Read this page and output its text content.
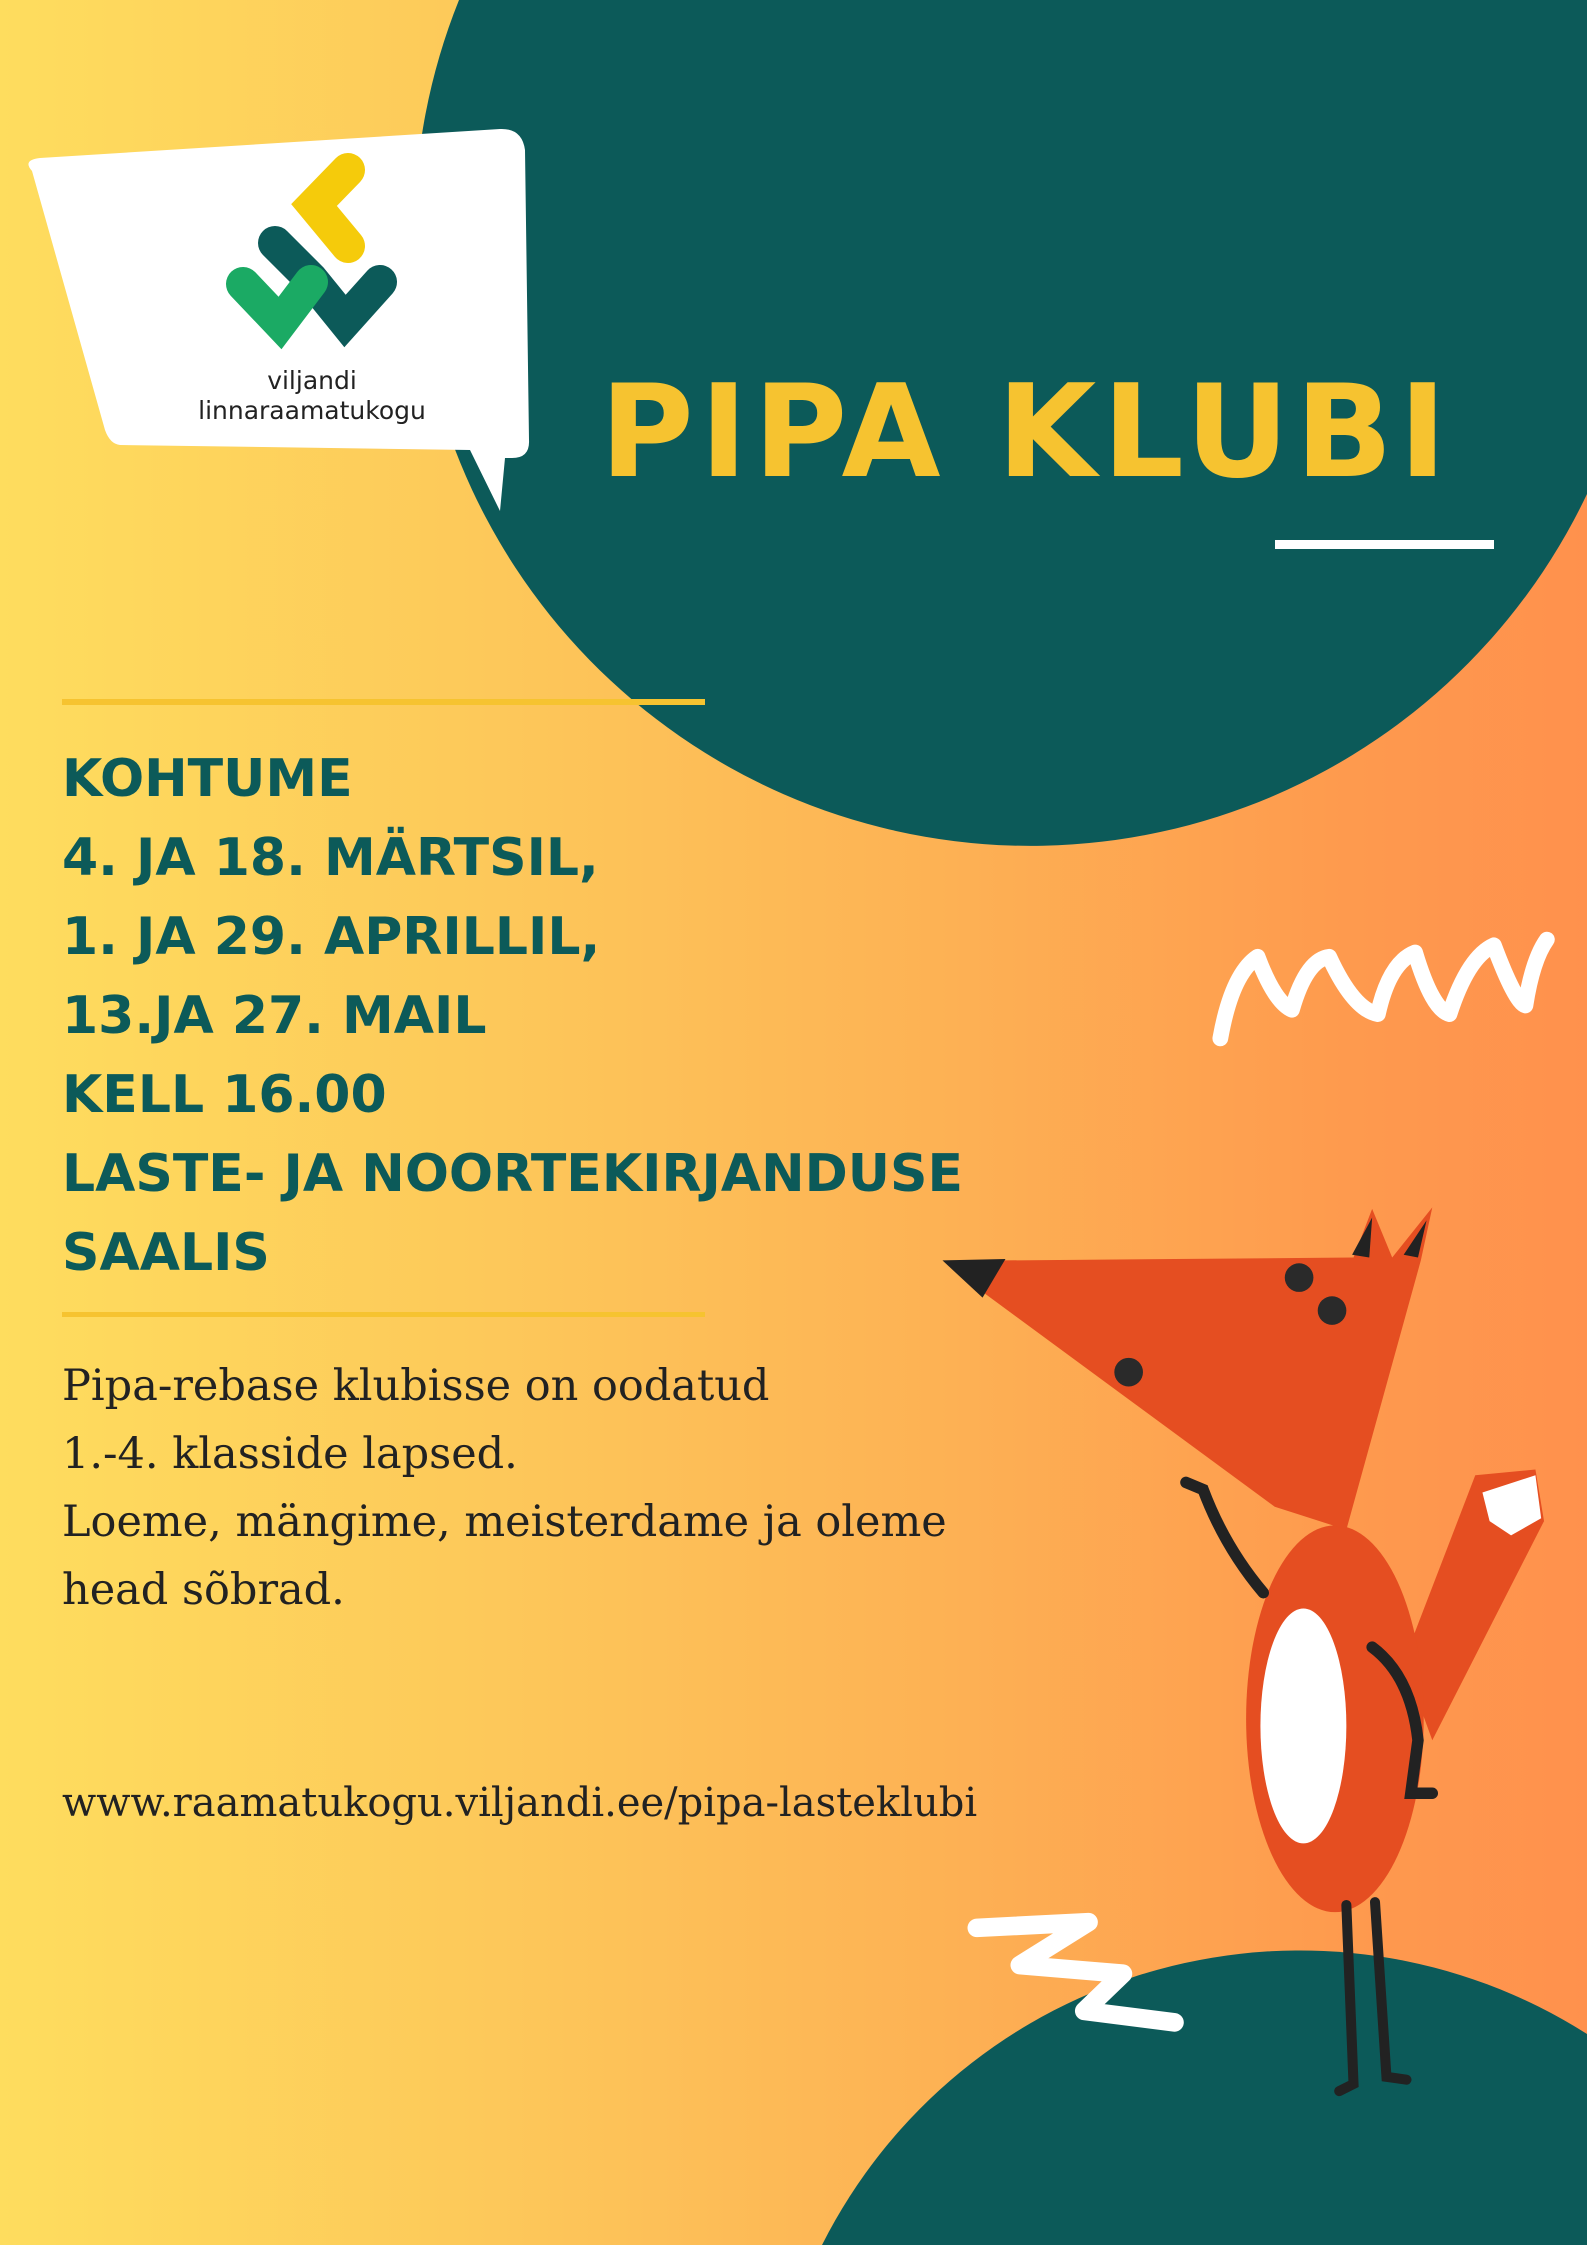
viljandi
linnaraamatukogu PIPA KLUBI
KOHTUME
4. JA 18. MÄRTSIL,
1. JA 29. APRILLIL,
13.JA 27. MAIL
KELL 16.00
LASTE- JA NOORTEKIRJANDUSE
SAALIS
Pipa-rebase klubisse on oodatud
1.-4. klasside lapsed.
Loeme, mängime, meisterdame ja oleme
head sõbrad.
www.raamatukogu.viljandi.ee/pipa-lasteklubi
